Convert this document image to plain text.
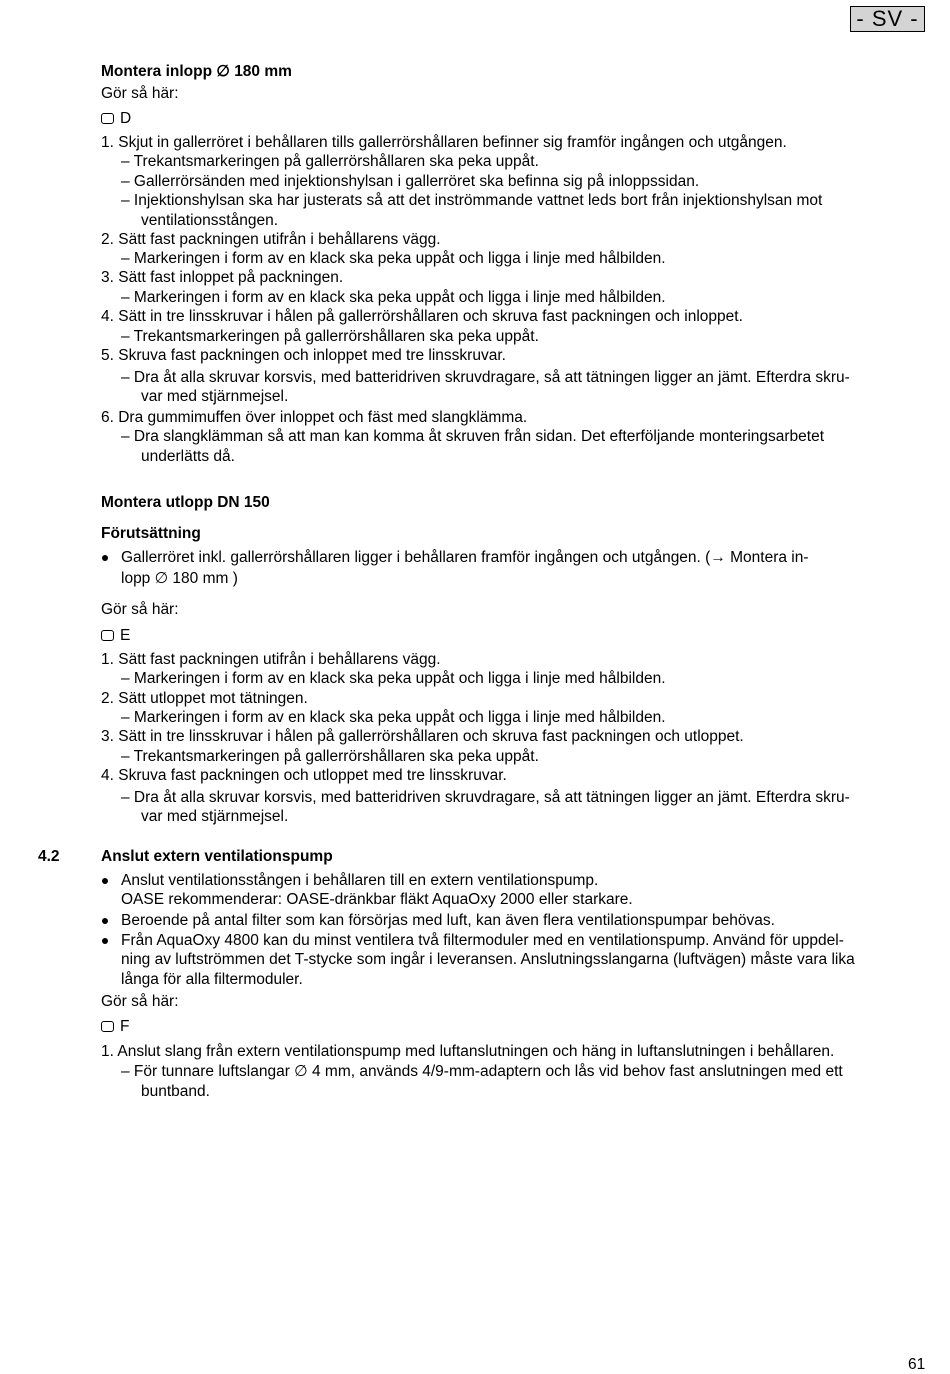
- SV -
Montera inlopp ∅ 180 mm
Gör så här:
D
1. Skjut in gallerröret i behållaren tills gallerrörshållaren befinner sig framför ingången och utgången.
– Trekantsmarkeringen på gallerrörshållaren ska peka uppåt.
– Gallerrörsänden med injektionshylsan i gallerröret ska befinna sig på inloppssidan.
– Injektionshylsan ska har justerats så att det inströmmande vattnet leds bort från injektionshylsan mot
ventilationsstången.
2. Sätt fast packningen utifrån i behållarens vägg.
– Markeringen i form av en klack ska peka uppåt och ligga i linje med hålbilden.
3. Sätt fast inloppet på packningen.
– Markeringen i form av en klack ska peka uppåt och ligga i linje med hålbilden.
4. Sätt in tre linsskruvar i hålen på gallerrörshållaren och skruva fast packningen och inloppet.
– Trekantsmarkeringen på gallerrörshållaren ska peka uppåt.
5. Skruva fast packningen och inloppet med tre linsskruvar.
– Dra åt alla skruvar korsvis, med batteridriven skruvdragare, så att tätningen ligger an jämt. Efterdra skru-
var med stjärnmejsel.
6. Dra gummimuffen över inloppet och fäst med slangklämma.
– Dra slangklämman så att man kan komma åt skruven från sidan. Det efterföljande monteringsarbetet
underlätts då.
Montera utlopp DN 150
Förutsättning
Gallerröret inkl. gallerrörshållaren ligger i behållaren framför ingången och utgången. (→ Montera in-
lopp ∅ 180 mm )
Gör så här:
E
1. Sätt fast packningen utifrån i behållarens vägg.
– Markeringen i form av en klack ska peka uppåt och ligga i linje med hålbilden.
2. Sätt utloppet mot tätningen.
– Markeringen i form av en klack ska peka uppåt och ligga i linje med hålbilden.
3. Sätt in tre linsskruvar i hålen på gallerrörshållaren och skruva fast packningen och utloppet.
– Trekantsmarkeringen på gallerrörshållaren ska peka uppåt.
4. Skruva fast packningen och utloppet med tre linsskruvar.
– Dra åt alla skruvar korsvis, med batteridriven skruvdragare, så att tätningen ligger an jämt. Efterdra skru-
var med stjärnmejsel.
4.2	Anslut extern ventilationspump
Anslut ventilationsstången i behållaren till en extern ventilationspump.
OASE rekommenderar: OASE-dränkbar fläkt AquaOxy 2000 eller starkare.
Beroende på antal filter som kan försörjas med luft, kan även flera ventilationspumpar behövas.
Från AquaOxy 4800 kan du minst ventilera två filtermoduler med en ventilationspump. Använd för uppdel-
ning av luftströmmen det T-stycke som ingår i leveransen. Anslutningsslangarna (luftvägen) måste vara lika
långa för alla filtermoduler.
Gör så här:
F
1. Anslut slang från extern ventilationspump med luftanslutningen och häng in luftanslutningen i behållaren.
– För tunnare luftslangar ∅ 4 mm, används 4/9-mm-adaptern och lås vid behov fast anslutningen med ett
buntband.
61
